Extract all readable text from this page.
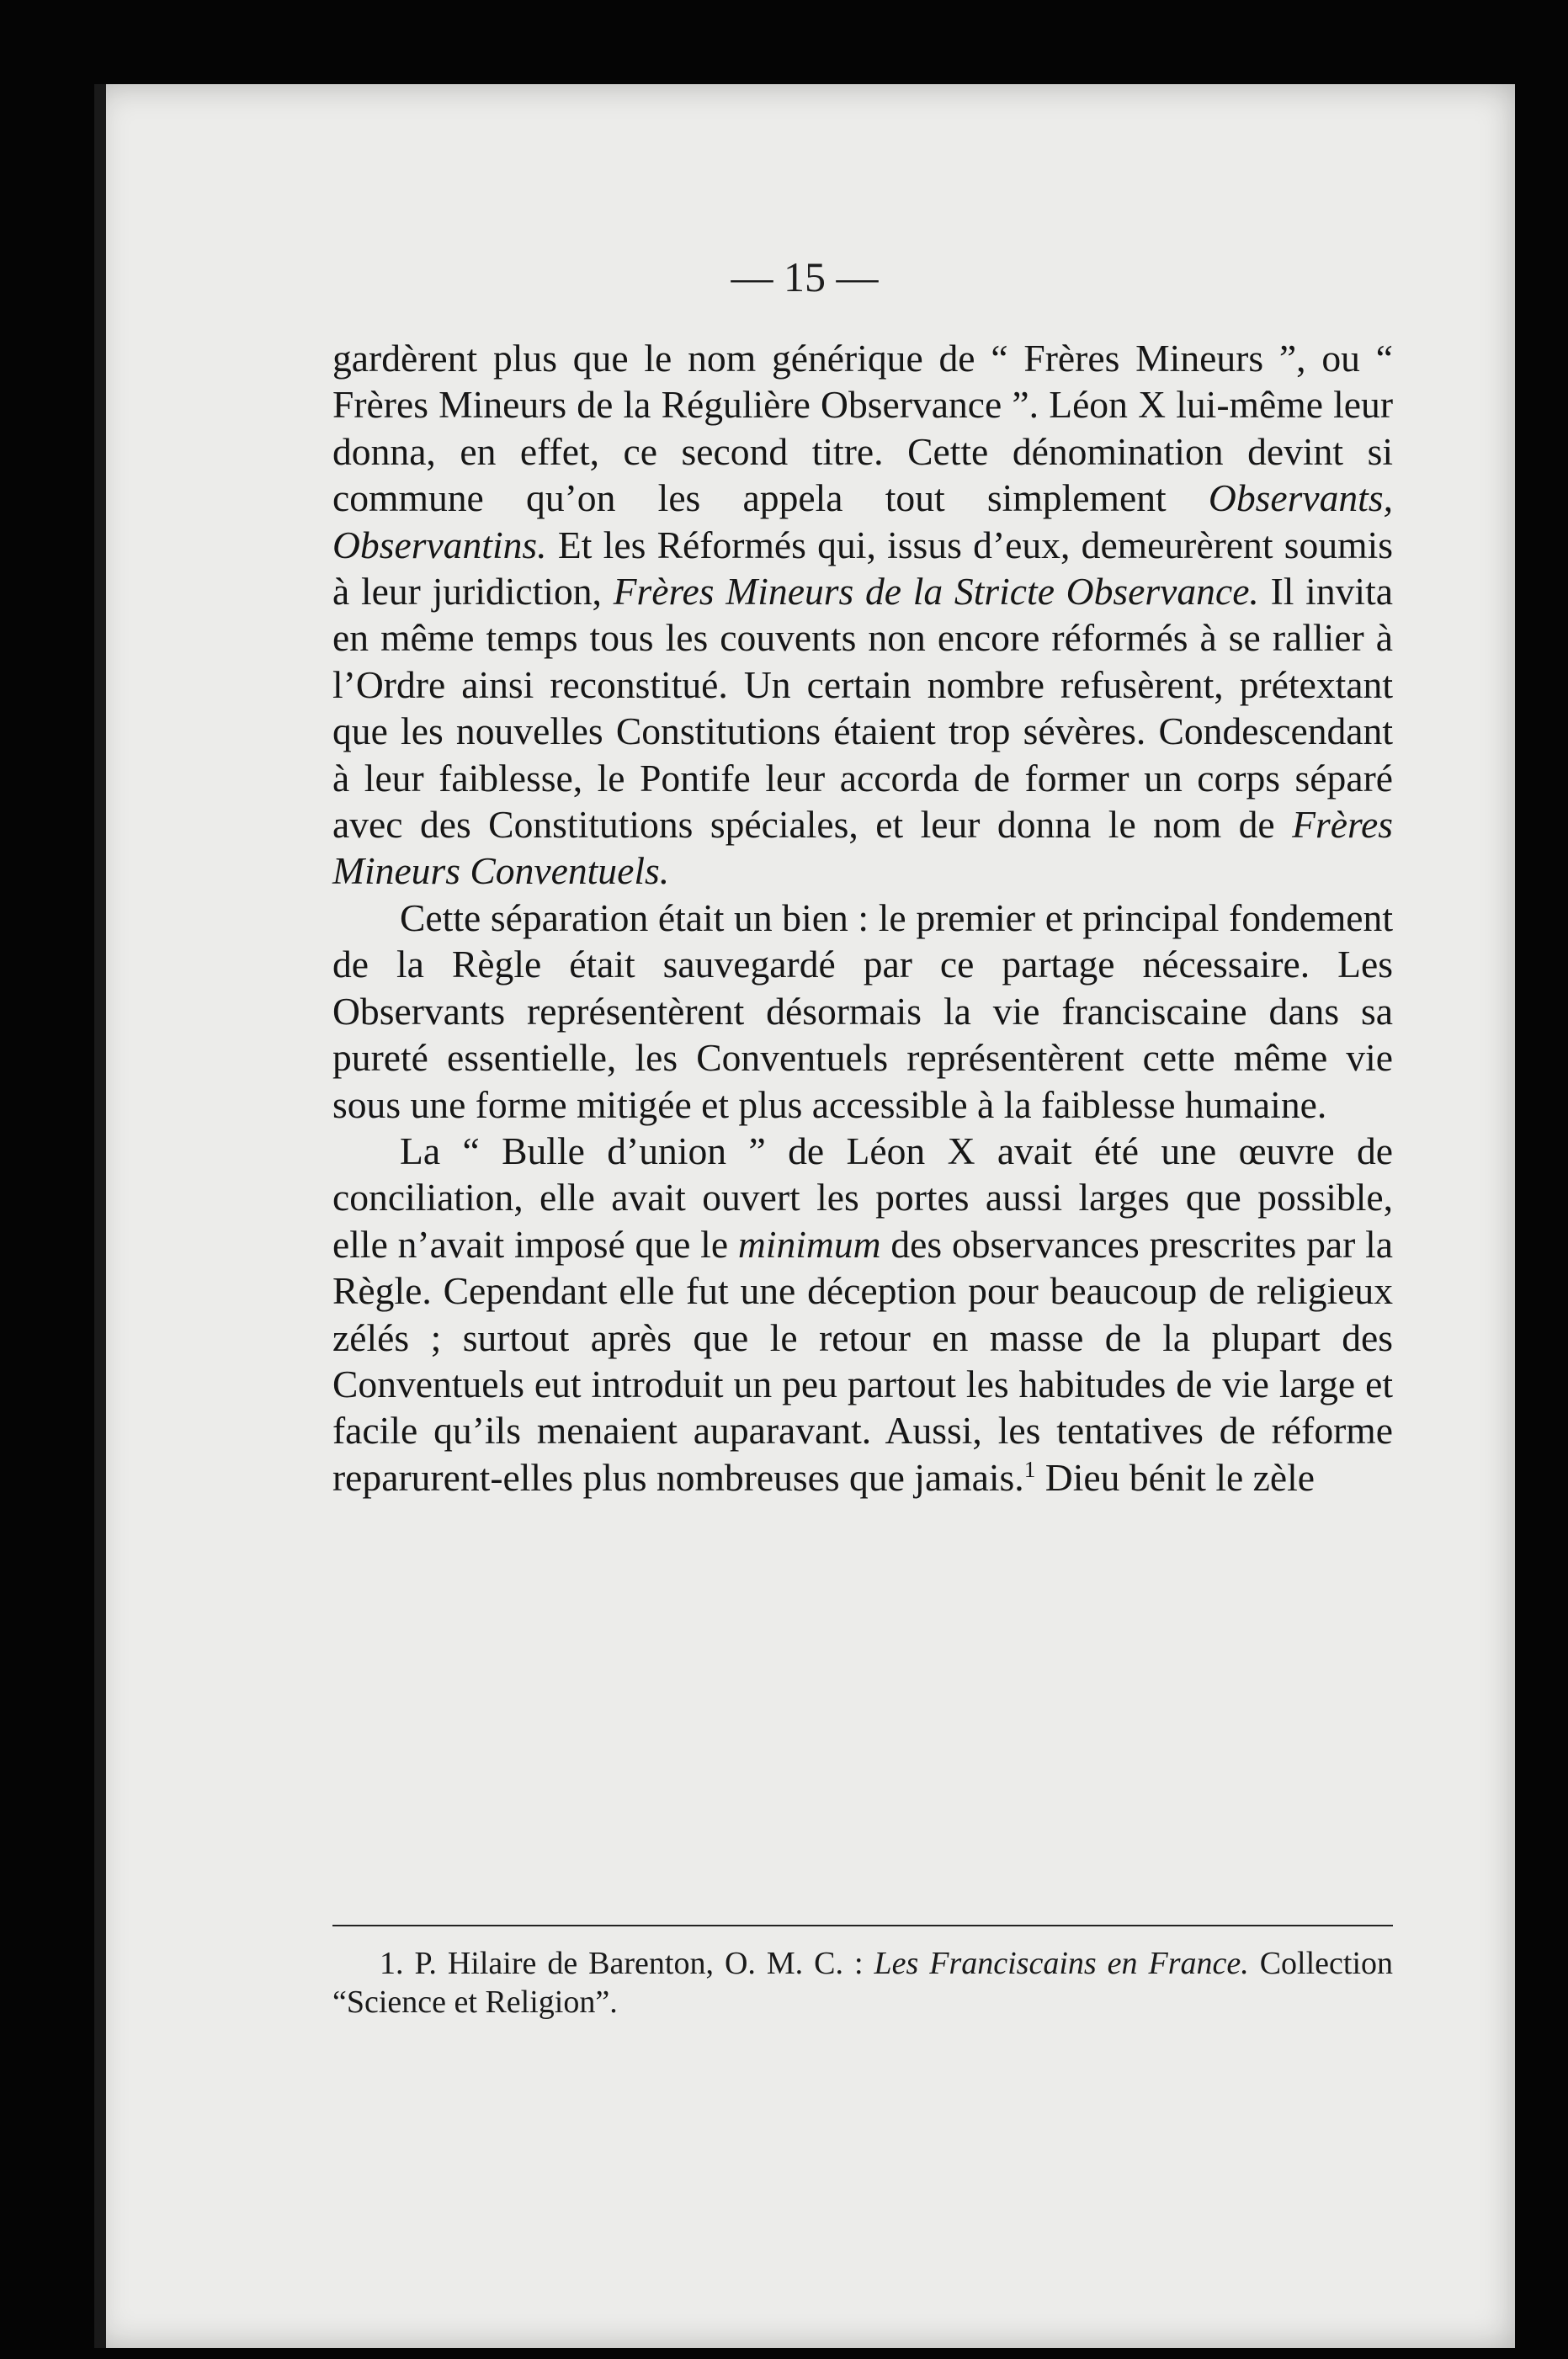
— 15 —

gardèrent plus que le nom générique de “ Frères Mineurs ”, ou “ Frères Mineurs de la Régulière Observance ”. Léon X lui-même leur donna, en effet, ce second titre. Cette dénomination devint si commune qu’on les appela tout simplement Observants, Observantins. Et les Réformés qui, issus d’eux, demeurèrent soumis à leur juridiction, Frères Mineurs de la Stricte Observance. Il invita en même temps tous les couvents non encore réformés à se rallier à l’Ordre ainsi reconstitué. Un certain nombre refusèrent, prétextant que les nouvelles Constitutions étaient trop sévères. Condescendant à leur faiblesse, le Pontife leur accorda de former un corps séparé avec des Constitutions spéciales, et leur donna le nom de Frères Mineurs Conventuels.

Cette séparation était un bien : le premier et principal fondement de la Règle était sauvegardé par ce partage nécessaire. Les Observants représentèrent désormais la vie franciscaine dans sa pureté essentielle, les Conventuels représentèrent cette même vie sous une forme mitigée et plus accessible à la faiblesse humaine.

La “ Bulle d’union ” de Léon X avait été une œuvre de conciliation, elle avait ouvert les portes aussi larges que possible, elle n’avait imposé que le minimum des observances prescrites par la Règle. Cependant elle fut une déception pour beaucoup de religieux zélés ; surtout après que le retour en masse de la plupart des Conventuels eut introduit un peu partout les habitudes de vie large et facile qu’ils menaient auparavant. Aussi, les tentatives de réforme reparurent-elles plus nombreuses que jamais.$^1$ Dieu bénit le zèle

1. P. Hilaire de Barenton, O. M. C. : Les Franciscains en France. Collection “Science et Religion”.
